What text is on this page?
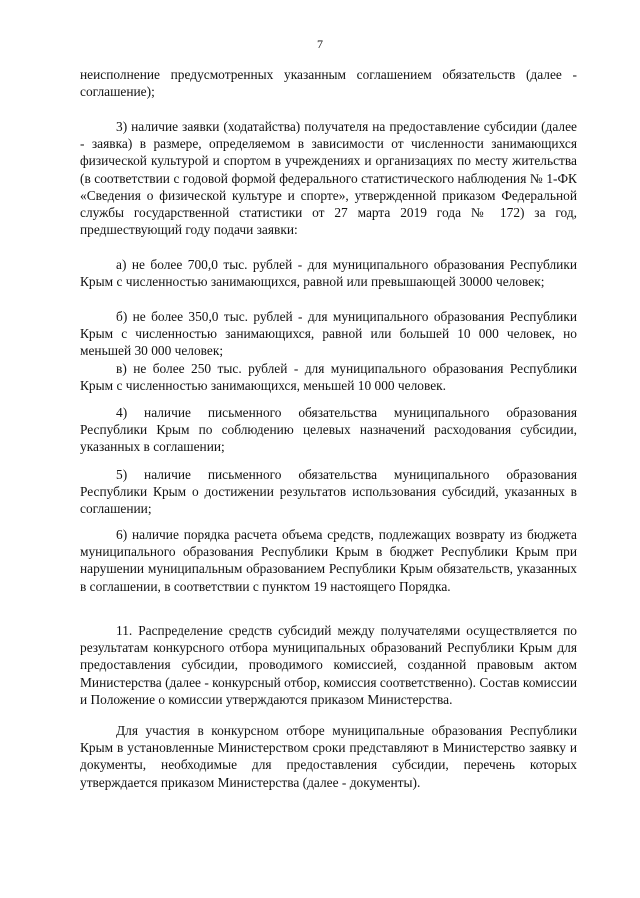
7

неисполнение предусмотренных указанным соглашением обязательств (далее - соглашение);

3) наличие заявки (ходатайства) получателя на предоставление субсидии (далее - заявка) в размере, определяемом в зависимости от численности занимающихся физической культурой и спортом в учреждениях и организациях по месту жительства (в соответствии с годовой формой федерального статистического наблюдения № 1-ФК «Сведения о физической культуре и спорте», утвержденной приказом Федеральной службы государственной статистики от 27 марта 2019 года № 172) за год, предшествующий году подачи заявки:

а) не более 700,0 тыс. рублей - для муниципального образования Республики Крым с численностью занимающихся, равной или превышающей 30000 человек;

б) не более 350,0 тыс. рублей - для муниципального образования Республики Крым с численностью занимающихся, равной или большей 10 000 человек, но меньшей 30 000 человек;

в) не более 250 тыс. рублей - для муниципального образования Республики Крым с численностью занимающихся, меньшей 10 000 человек.

4) наличие письменного обязательства муниципального образования Республики Крым по соблюдению целевых назначений расходования субсидии, указанных в соглашении;

5) наличие письменного обязательства муниципального образования Республики Крым о достижении результатов использования субсидий, указанных в соглашении;

6) наличие порядка расчета объема средств, подлежащих возврату из бюджета муниципального образования Республики Крым в бюджет Республики Крым при нарушении муниципальным образованием Республики Крым обязательств, указанных в соглашении, в соответствии с пунктом 19 настоящего Порядка.

11. Распределение средств субсидий между получателями осуществляется по результатам конкурсного отбора муниципальных образований Республики Крым для предоставления субсидии, проводимого комиссией, созданной правовым актом Министерства (далее - конкурсный отбор, комиссия соответственно). Состав комиссии и Положение о комиссии утверждаются приказом Министерства.

Для участия в конкурсном отборе муниципальные образования Республики Крым в установленные Министерством сроки представляют в Министерство заявку и документы, необходимые для предоставления субсидии, перечень которых утверждается приказом Министерства (далее - документы).
